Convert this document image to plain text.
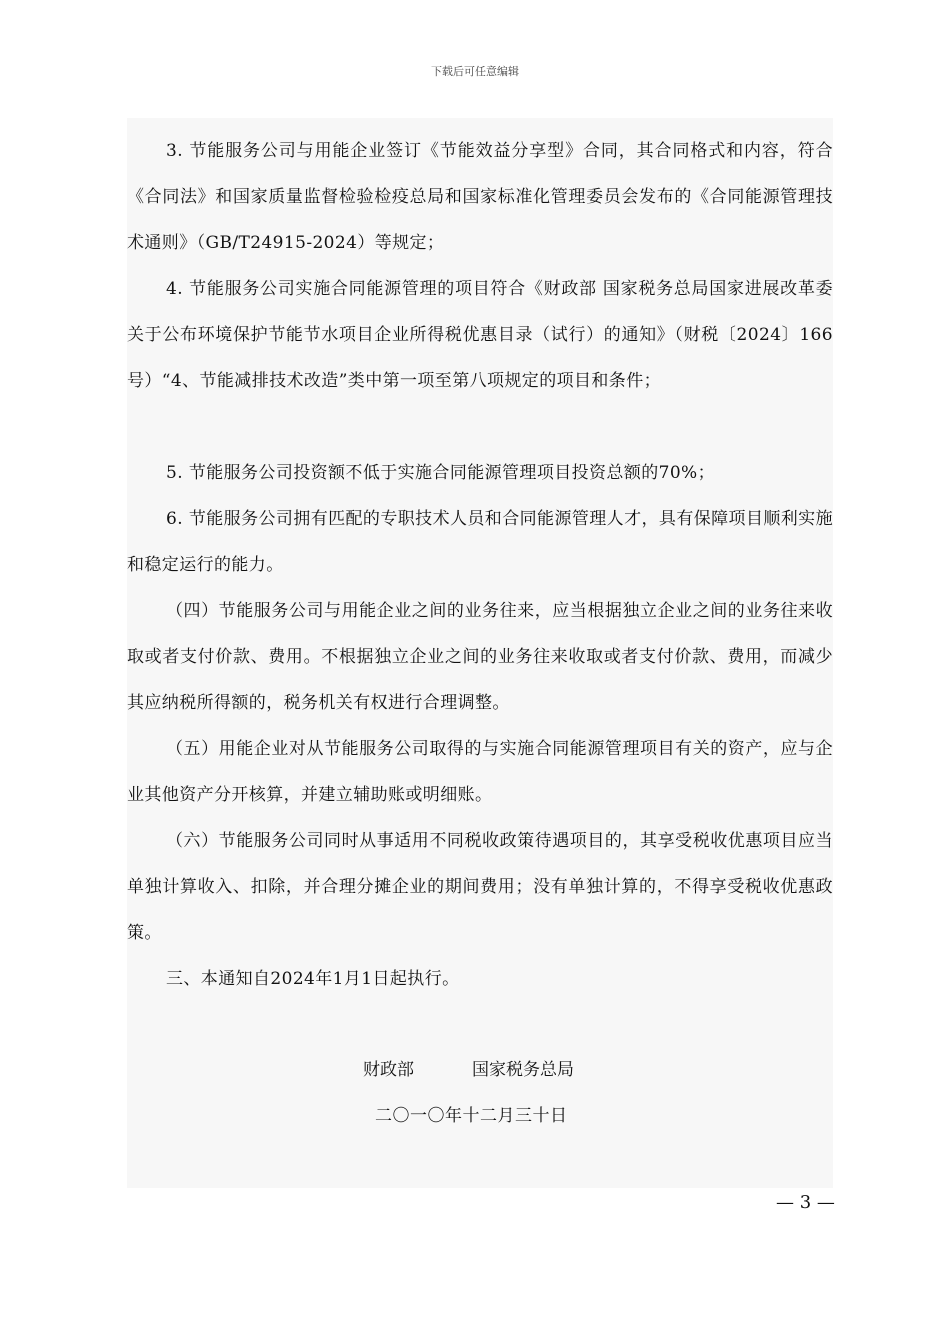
下载后可任意编辑

3. 节能服务公司与用能企业签订《节能效益分享型》合同，其合同格式和内容，符合《合同法》和国家质量监督检验检疫总局和国家标准化管理委员会发布的《合同能源管理技术通则》（GB/T24915-2024）等规定；

4. 节能服务公司实施合同能源管理的项目符合《财政部 国家税务总局国家进展改革委关于公布环境保护节能节水项目企业所得税优惠目录（试行）的通知》（财税〔2024〕166号）“4、节能减排技术改造”类中第一项至第八项规定的项目和条件；

5. 节能服务公司投资额不低于实施合同能源管理项目投资总额的70%；

6. 节能服务公司拥有匹配的专职技术人员和合同能源管理人才，具有保障项目顺利实施和稳定运行的能力。

（四）节能服务公司与用能企业之间的业务往来，应当根据独立企业之间的业务往来收取或者支付价款、费用。不根据独立企业之间的业务往来收取或者支付价款、费用，而减少其应纳税所得额的，税务机关有权进行合理调整。

（五）用能企业对从节能服务公司取得的与实施合同能源管理项目有关的资产，应与企业其他资产分开核算，并建立辅助账或明细账。

（六）节能服务公司同时从事适用不同税收政策待遇项目的，其享受税收优惠项目应当单独计算收入、扣除，并合理分摊企业的期间费用；没有单独计算的，不得享受税收优惠政策。

三、本通知自2024年1月1日起执行。

财政部	国家税务总局
二〇一〇年十二月三十日
— 3 —
